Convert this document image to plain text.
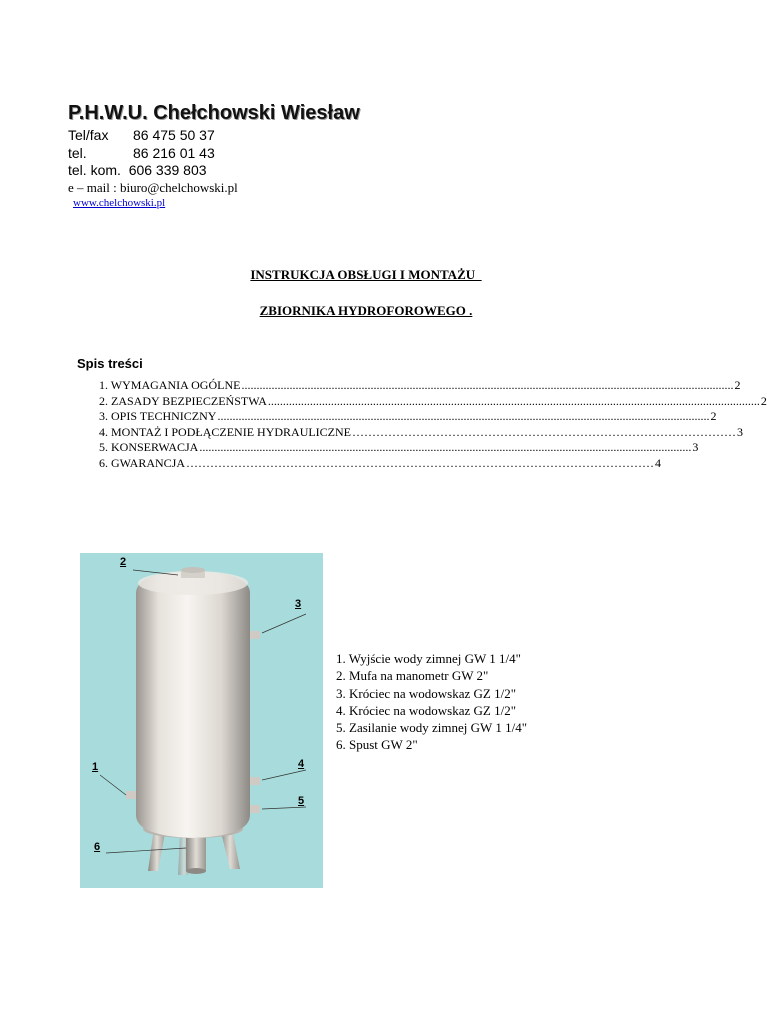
P.H.W.U. Chełchowski Wiesław
Tel/fax 86 475 50 37
tel.	86 216 01 43
tel. kom. 606 339 803
e – mail : biuro@chelchowski.pl
www.chelchowski.pl
INSTRUKCJA OBSŁUGI I MONTAŻU
ZBIORNIKA HYDROFOROWEGO .
Spis treści
1. WYMAGANIA OGÓLNE .................................................................................................................................................................... 2
2. ZASADY BEZPIECZEŃSTWA .................................................................................................................................................................... 2
3. OPIS TECHNICZNY .................................................................................................................................................................... 2
4. MONTAŻ I PODŁĄCZENIE HYDRAULICZNE …………………………………………………………………………………… 3
5. KONSERWACJA .................................................................................................................................................................... 3
6. GWARANCJA ……………………………………………………………………………………………………… 4
2
3
1	4
5
6
1. Wyjście wody zimnej GW 1 1/4"
2. Mufa na manometr GW 2"
3. Króciec na wodowskaz GZ 1/2"
4. Króciec na wodowskaz GZ 1/2"
5. Zasilanie wody zimnej GW 1 1/4"
6. Spust GW 2"
